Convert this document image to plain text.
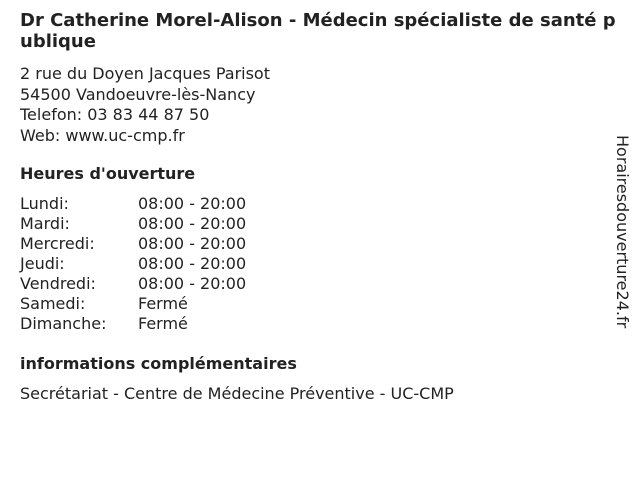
Dr Catherine Morel-Alison - Médecin spécialiste de santé publique
2 rue du Doyen Jacques Parisot
54500 Vandoeuvre-lès-Nancy
Telefon: 03 83 44 87 50
Web: www.uc-cmp.fr
Heures d'ouverture
Lundi:	08:00 - 20:00
Mardi:	08:00 - 20:00
Mercredi:	08:00 - 20:00
Jeudi:	08:00 - 20:00
Vendredi:	08:00 - 20:00
Samedi:	Fermé
Dimanche:	Fermé
informations complémentaires
Secrétariat - Centre de Médecine Préventive - UC-CMP
Horairesdouverture24.fr
